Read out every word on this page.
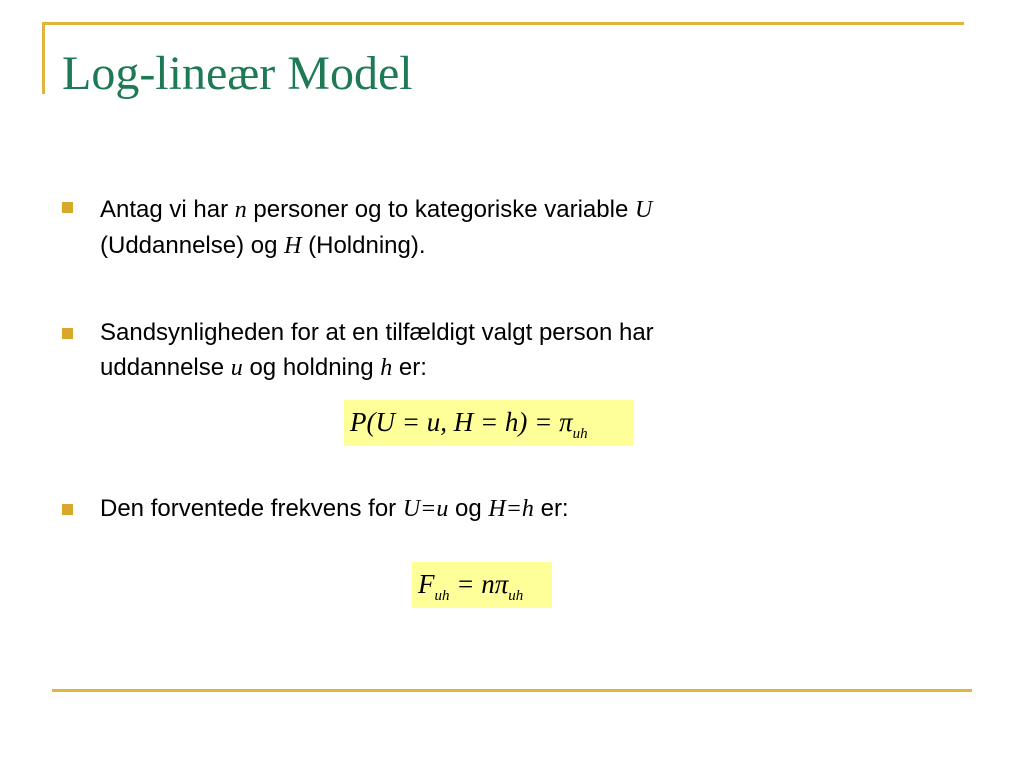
Log-lineær Model
Antag vi har n personer og to kategoriske variable U
(Uddannelse) og H (Holdning).
Sandsynligheden for at en tilfældigt valgt person har
uddannelse u og holdning h er:
P(U = u, $H = h) = \pi_{uh}$
Den forventede frekvens for U=u og H=h er:
$F_{uh} = n\pi_{uh}$
